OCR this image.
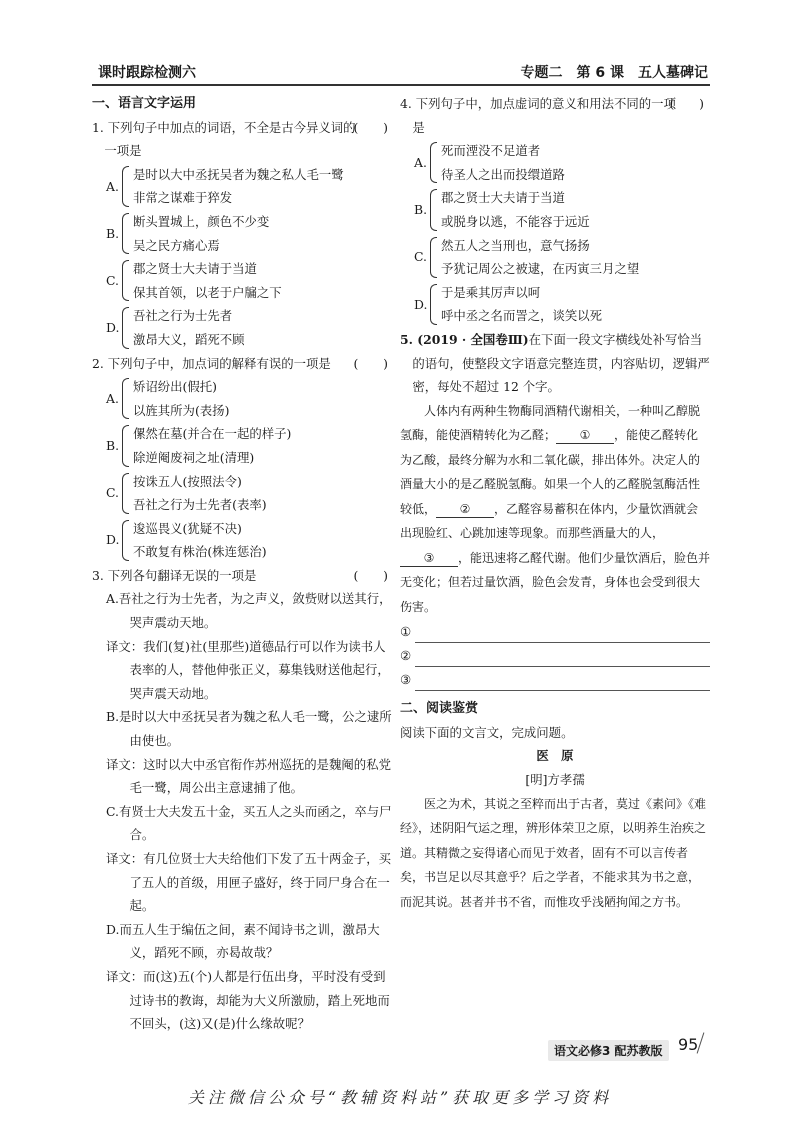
课时跟踪检测六	专题二　第 6 课　五人墓碑记

一、语言文字运用

(　　)
1. 下列句子中加点的词语，不全是古今异义词的一项是

A.

是时以大中丞抚吴者为魏之私人毛一鹭

非常之谋难于猝发

B.

断头置城上，颜色不少变

吴之民方痛心焉

C.

郡之贤士大夫请于当道

保其首领，以老于户牖之下

D.

吾社之行为士先者

激昂大义，蹈死不顾

(　　)
2. 下列句子中，加点词的解释有误的一项是

A.

矫诏纷出(假托)

以旌其所为(表扬)

B.

傫然在墓(并合在一起的样子)

除逆阉废祠之址(清理)

C.

按诛五人(按照法令)

吾社之行为士先者(表率)

D.

逡巡畏义(犹疑不决)

不敢复有株治(株连惩治)

(　　)
3. 下列各句翻译无误的一项是

A.吾社之行为士先者，为之声义，敛赀财以送其行，哭声震动天地。

译文：我们(复)社(里那些)道德品行可以作为读书人表率的人，替他伸张正义，募集钱财送他起行，哭声震天动地。

B.是时以大中丞抚吴者为魏之私人毛一鹭，公之逮所由使也。

译文：这时以大中丞官衔作苏州巡抚的是魏阉的私党毛一鹭，周公出主意逮捕了他。

C.有贤士大夫发五十金，买五人之头而函之，卒与尸合。

译文：有几位贤士大夫给他们下发了五十两金子，买了五人的首级，用匣子盛好，终于同尸身合在一起。

D.而五人生于编伍之间，素不闻诗书之训，激昂大义，蹈死不顾，亦曷故哉？

译文：而(这)五(个)人都是行伍出身，平时没有受到过诗书的教诲，却能为大义所激励，踏上死地而不回头，(这)又(是)什么缘故呢？

(　　)
4. 下列句子中，加点虚词的意义和用法不同的一项是

A.

死而湮没不足道者

待圣人之出而投缳道路

B.

郡之贤士大夫请于当道

或脱身以逃，不能容于远近

C.

然五人之当刑也，意气扬扬

予犹记周公之被逮，在丙寅三月之望

D.

于是乘其厉声以呵

呼中丞之名而詈之，谈笑以死

5. (2019 · 全国卷Ⅲ)在下面一段文字横线处补写恰当的语句，使整段文字语意完整连贯，内容贴切，逻辑严密，每处不超过 12 个字。

人体内有两种生物酶同酒精代谢相关，一种叫乙醇脱氢酶，能使酒精转化为乙醛； ① ，能使乙醛转化为乙酸，最终分解为水和二氧化碳，排出体外。决定人的酒量大小的是乙醛脱氢酶。如果一个人的乙醛脱氢酶活性较低， ② ，乙醛容易蓄积在体内，少量饮酒就会出现脸红、心跳加速等现象。而那些酒量大的人，③ ，能迅速将乙醛代谢。他们少量饮酒后，脸色并无变化；但若过量饮酒，脸色会发青，身体也会受到很大伤害。

①
②
③

二、阅读鉴赏

阅读下面的文言文，完成问题。

医　原

[明]方孝孺

医之为术，其说之至粹而出于古者，莫过《素问》《难经》，述阴阳气运之理，辨形体荣卫之原，以明养生治疾之道。其精微之妄得诸心而见于效者，固有不可以言传者矣，书岂足以尽其意乎？后之学者，不能求其为书之意，而泥其说。甚者并书不省，而惟攻乎浅陋拘闻之方书。

语文必修3 配苏教版 95
关注微信公众号“教辅资料站”获取更多学习资料
